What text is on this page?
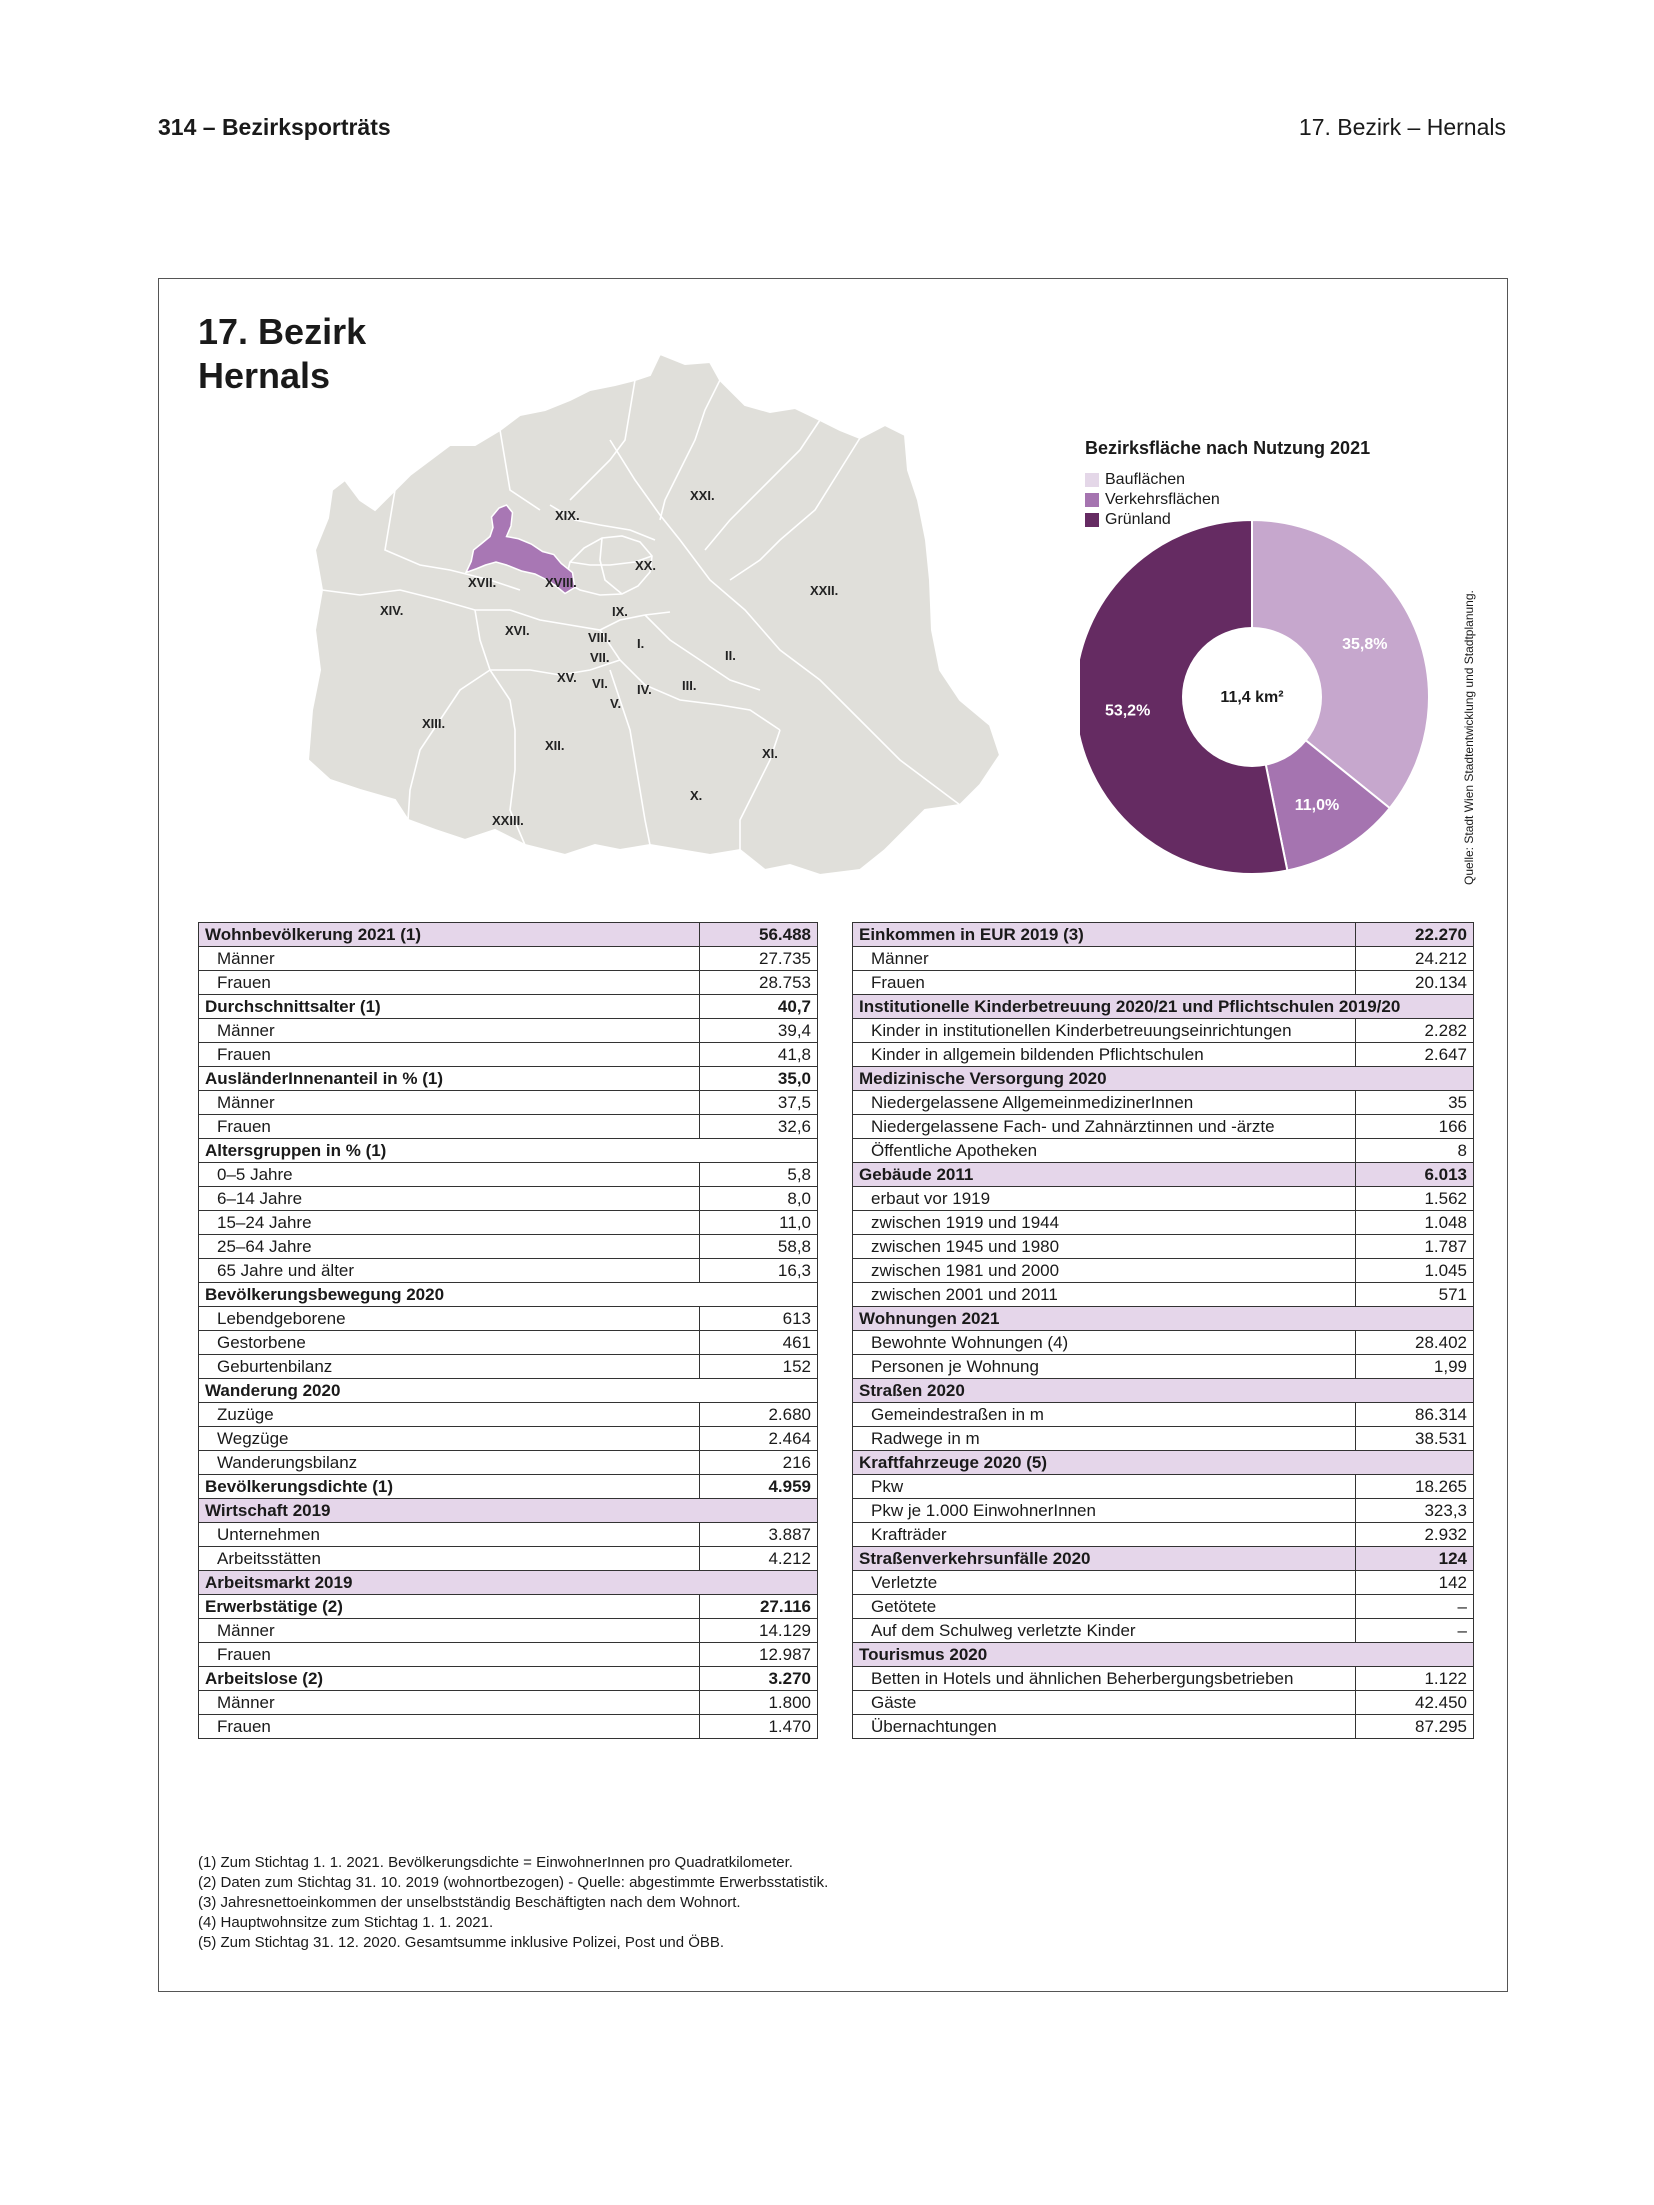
314 – Bezirksporträts	17. Bezirk – Hernals
17. Bezirk
Hernals
XXI.
XIX.
XX.
XVII.	XVIII.
XXII.
XIV.	IX.
XVI.	VIII. I.
VII.	II.
XV. VI. IV. III.
V.
XIII.
XII.
XI.
X.
XXIII.
Bezirksfläche nach Nutzung 2021
Bauflächen
Verkehrsflächen
Grünland
35,8%
11,0%
53,2%
11,4 km²	Quelle: Stadt Wien Stadtentwicklung und Stadtplanung.
Wohnbevölkerung 2021 (1)	56.488
Männer	27.735
Frauen	28.753
Durchschnittsalter (1)	40,7
Männer	39,4
Frauen	41,8
AusländerInnenanteil in % (1)	35,0
Männer	37,5
Frauen	32,6
Altersgruppen in % (1)	
0–5 Jahre	5,8
6–14 Jahre	8,0
15–24 Jahre	11,0
25–64 Jahre	58,8
65 Jahre und älter	16,3
Bevölkerungsbewegung 2020	
Lebendgeborene	613
Gestorbene	461
Geburtenbilanz	152
Wanderung 2020	
Zuzüge	2.680
Wegzüge	2.464
Wanderungsbilanz	216
Bevölkerungsdichte (1)	4.959
Wirtschaft 2019	
Unternehmen	3.887
Arbeitsstätten	4.212
Arbeitsmarkt 2019	
Erwerbstätige (2)	27.116
Männer	14.129
Frauen	12.987
Arbeitslose (2)	3.270
Männer	1.800
Frauen	1.470
Einkommen in EUR 2019 (3)	22.270
Männer	24.212
Frauen	20.134
Institutionelle Kinderbetreuung 2020/21 und Pflichtschulen 2019/20	
Kinder in institutionellen Kinderbetreuungseinrichtungen	2.282
Kinder in allgemein bildenden Pflichtschulen	2.647
Medizinische Versorgung 2020	
Niedergelassene AllgemeinmedizinerInnen	35
Niedergelassene Fach- und Zahnärztinnen und -ärzte	166
Öffentliche Apotheken	8
Gebäude 2011	6.013
erbaut vor 1919	1.562
zwischen 1919 und 1944	1.048
zwischen 1945 und 1980	1.787
zwischen 1981 und 2000	1.045
zwischen 2001 und 2011	571
Wohnungen 2021	
Bewohnte Wohnungen (4)	28.402
Personen je Wohnung	1,99
Straßen 2020	
Gemeindestraßen in m	86.314
Radwege in m	38.531
Kraftfahrzeuge 2020 (5)	
Pkw	18.265
Pkw je 1.000 EinwohnerInnen	323,3
Krafträder	2.932
Straßenverkehrsunfälle 2020	124
Verletzte	142
Getötete	–
Auf dem Schulweg verletzte Kinder	–
Tourismus 2020	
Betten in Hotels und ähnlichen Beherbergungsbetrieben	1.122
Gäste	42.450
Übernachtungen	87.295
(1) Zum Stichtag 1. 1. 2021. Bevölkerungsdichte = EinwohnerInnen pro Quadratkilometer.
(2) Daten zum Stichtag 31. 10. 2019 (wohnortbezogen) - Quelle: abgestimmte Erwerbsstatistik.
(3) Jahresnettoeinkommen der unselbstständig Beschäftigten nach dem Wohnort.
(4) Hauptwohnsitze zum Stichtag 1. 1. 2021.
(5) Zum Stichtag 31. 12. 2020. Gesamtsumme inklusive Polizei, Post und ÖBB.
